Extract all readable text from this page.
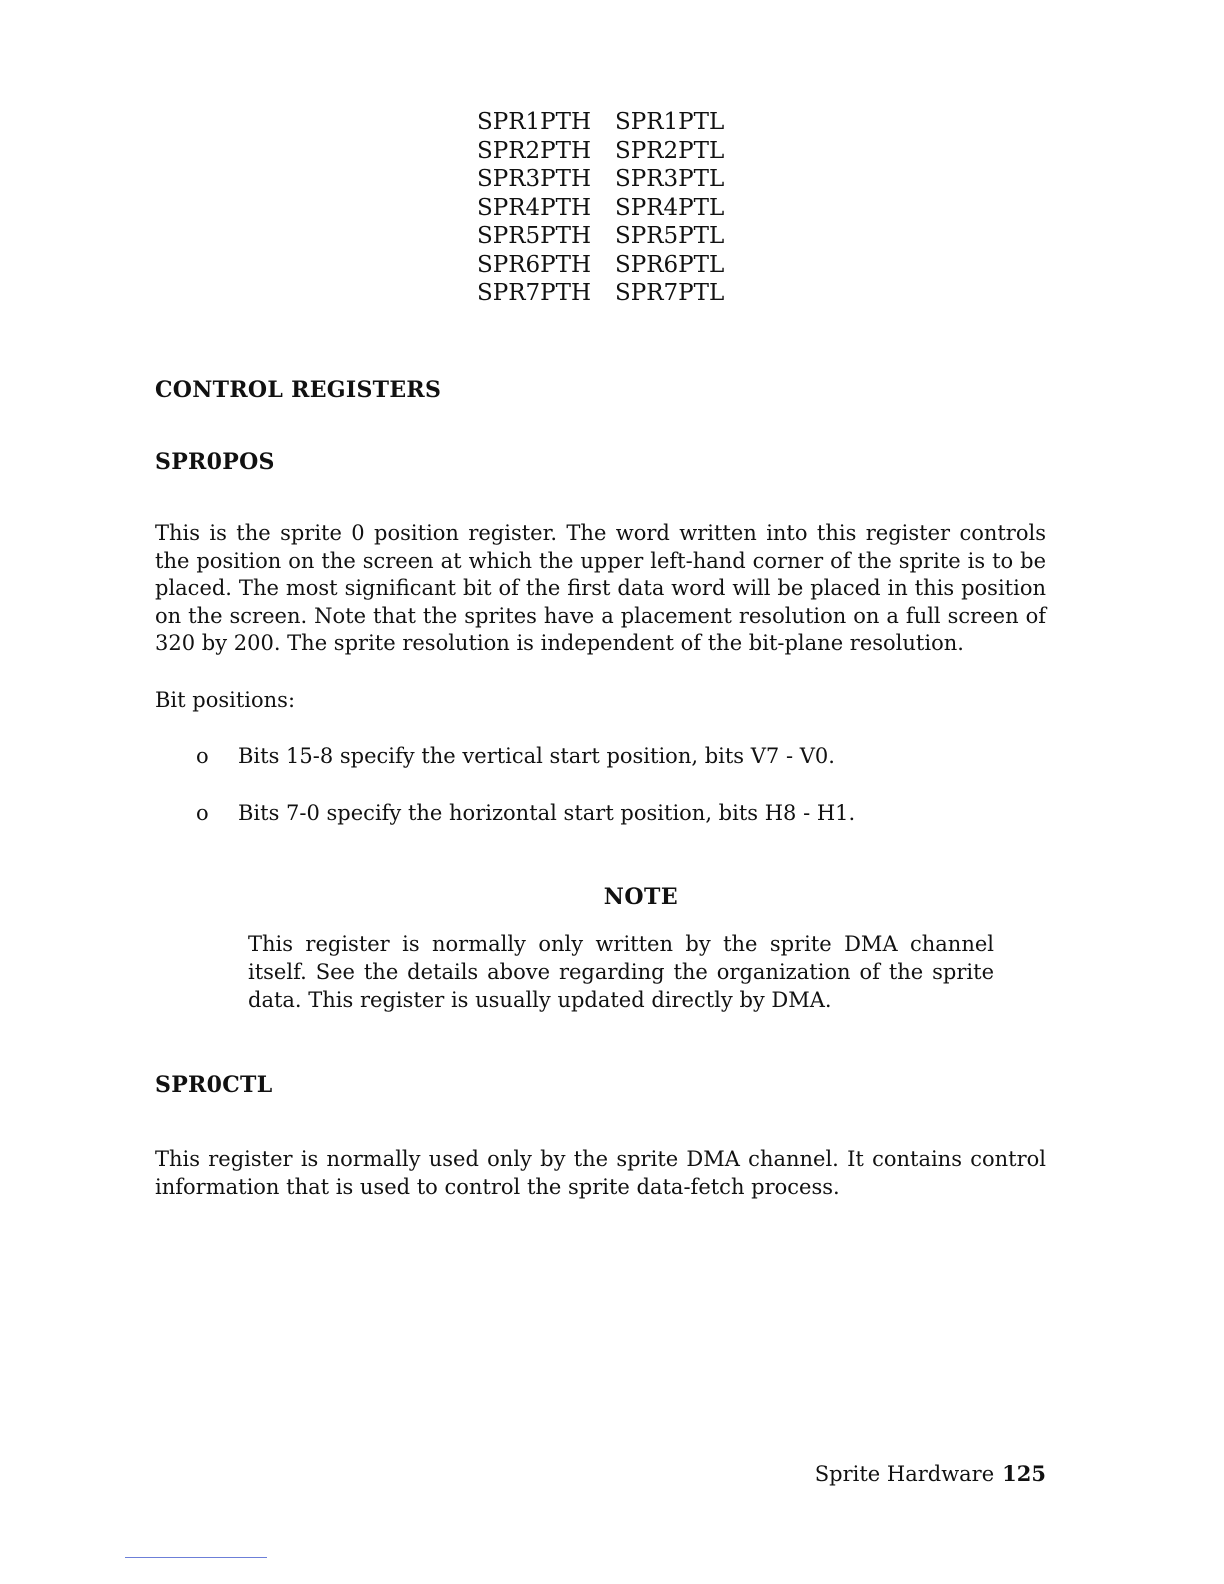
SPR1PTH	SPR1PTL
SPR2PTH	SPR2PTL
SPR3PTH	SPR3PTL
SPR4PTH	SPR4PTL
SPR5PTH	SPR5PTL
SPR6PTH	SPR6PTL
SPR7PTH	SPR7PTL
CONTROL REGISTERS
SPR0POS

This is the sprite 0 position register. The word written into this register controls the position on the screen at which the upper left-hand corner of the sprite is to be placed. The most significant bit of the first data word will be placed in this position on the screen. Note that the sprites have a placement resolution on a full screen of 320 by 200. The sprite resolution is independent of the bit-plane resolution.

Bit positions:

o Bits 15-8 specify the vertical start position, bits V7 - V0.

o Bits 7-0 specify the horizontal start position, bits H8 - H1.

NOTE

This register is normally only written by the sprite DMA channel itself. See the details above regarding the organization of the sprite data. This register is usually updated directly by DMA.

SPR0CTL

This register is normally used only by the sprite DMA channel. It contains control information that is used to control the sprite data-fetch process.

Sprite Hardware 125
